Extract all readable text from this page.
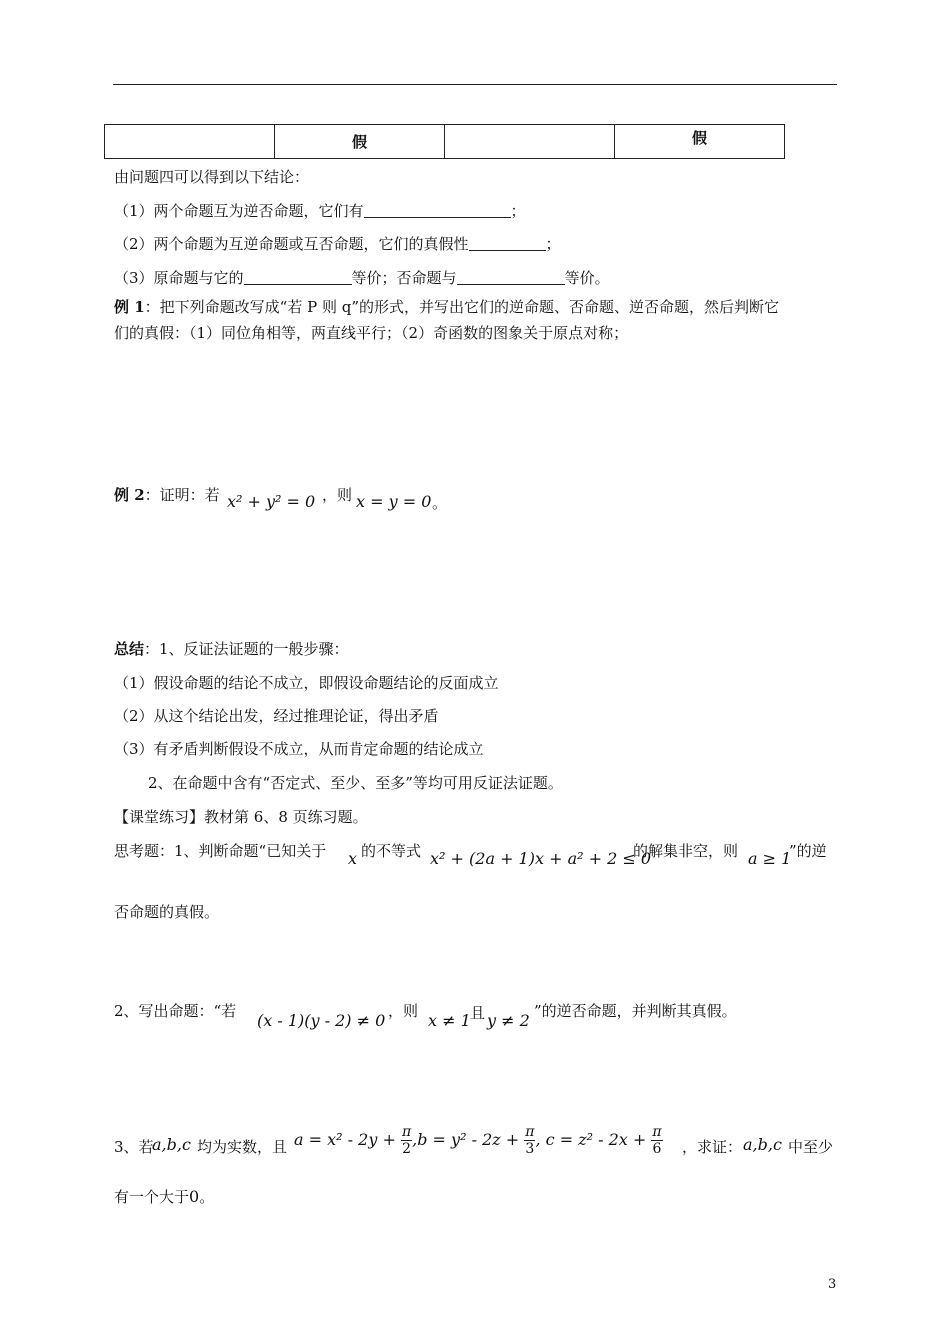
	假		假
由问题四可以得到以下结论：
（1）两个命题互为逆否命题，它们有	；
（2）两个命题为互逆命题或互否命题，它们的真假性	；
（3）原命题与它的	等价；否命题与	等价。
例 1：把下列命题改写成“若 P 则 q”的形式，并写出它们的逆命题、否命题、逆否命题，然后判断它
们的真假：（1）同位角相等，两直线平行；（2）奇函数的图象关于原点对称；
例 2：证明：若 x² + y² = 0 ，则 x = y = 0 。
总结：1、反证法证题的一般步骤：
（1）假设命题的结论不成立，即假设命题结论的反面成立
（2）从这个结论出发，经过推理论证，得出矛盾
（3）有矛盾判断假设不成立，从而肯定命题的结论成立
2、在命题中含有“否定式、至少、至多”等均可用反证法证题。
【课堂练习】教材第 6、8 页练习题。
思考题：1、判断命题“已知关于 x 的不等式 x² + (2a + 1)x + a² + 2 ≤ 0
的解集非空，则 a ≥ 1
”的逆
否命题的真假。
2、写出命题：“若 (x - 1)(y - 2) ≠ 0 ，则 x ≠ 1 且 y ≠ 2 ”的逆否命题，并判断其真假。
3、若
a,b,c 均为实数，且 $a = x^2 - 2y + \frac{\pi}{2} ,b = y^2 - 2z + \frac{\pi}{3}$ , $c = z^2 - 2x + \frac{\pi}{6}$ ，求证： a,b,c 中至少
有一个大于0。
3
